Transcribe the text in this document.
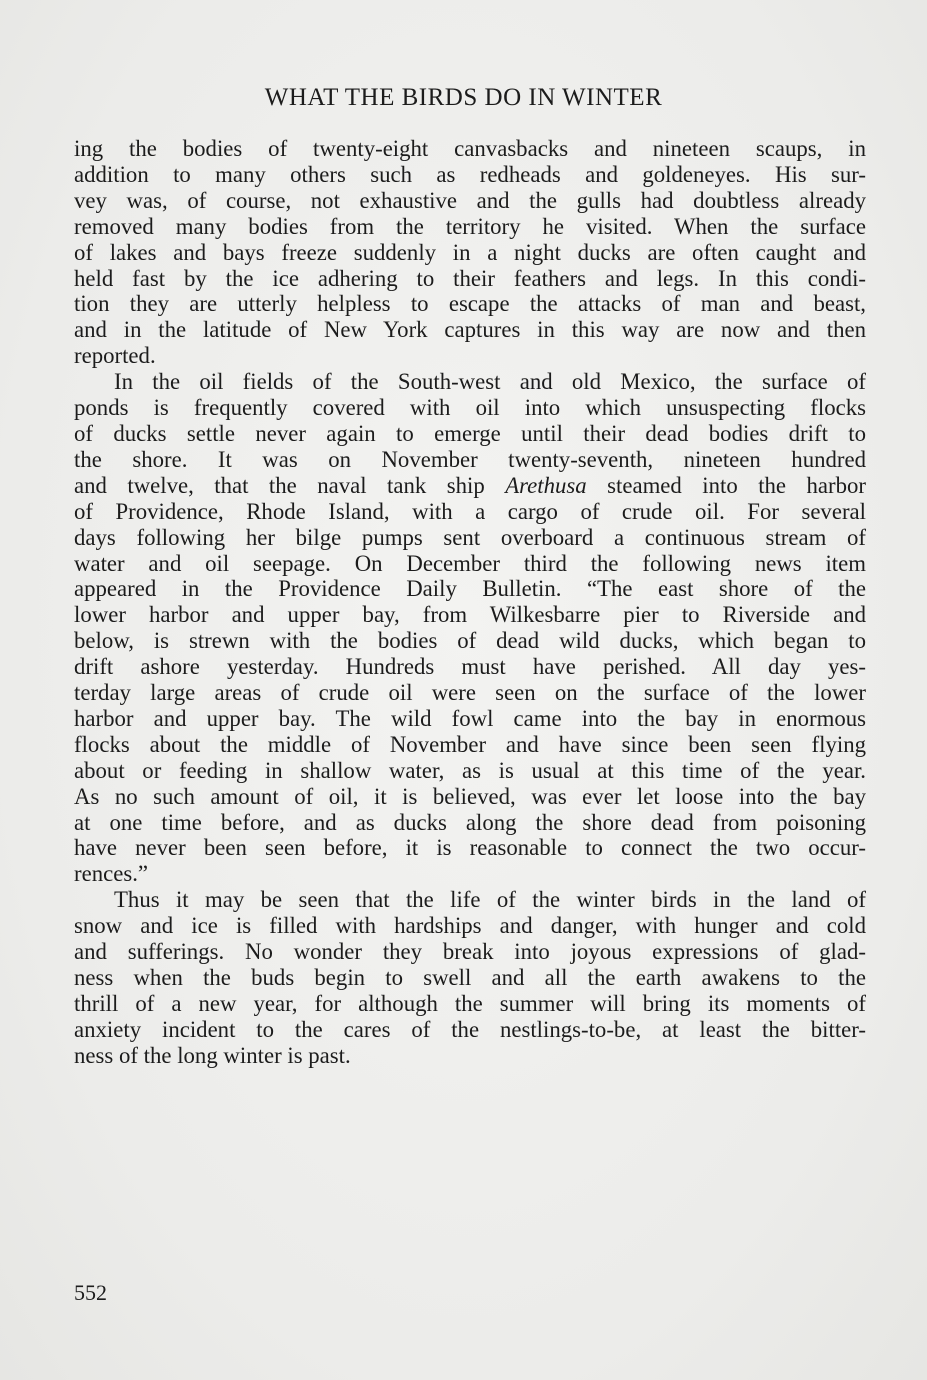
WHAT THE BIRDS DO IN WINTER
ing the bodies of twenty-eight canvasbacks and nineteen scaups, in
addition to many others such as redheads and goldeneyes. His sur-
vey was, of course, not exhaustive and the gulls had doubtless already
removed many bodies from the territory he visited. When the surface
of lakes and bays freeze suddenly in a night ducks are often caught and
held fast by the ice adhering to their feathers and legs. In this condi-
tion they are utterly helpless to escape the attacks of man and beast,
and in the latitude of New York captures in this way are now and then
reported.
In the oil fields of the South-west and old Mexico, the surface of
ponds is frequently covered with oil into which unsuspecting flocks
of ducks settle never again to emerge until their dead bodies drift to
the shore. It was on November twenty-seventh, nineteen hundred
and twelve, that the naval tank ship Arethusa steamed into the harbor
of Providence, Rhode Island, with a cargo of crude oil. For several
days following her bilge pumps sent overboard a continuous stream of
water and oil seepage. On December third the following news item
appeared in the Providence Daily Bulletin. “The east shore of the
lower harbor and upper bay, from Wilkesbarre pier to Riverside and
below, is strewn with the bodies of dead wild ducks, which began to
drift ashore yesterday. Hundreds must have perished. All day yes-
terday large areas of crude oil were seen on the surface of the lower
harbor and upper bay. The wild fowl came into the bay in enormous
flocks about the middle of November and have since been seen flying
about or feeding in shallow water, as is usual at this time of the year.
As no such amount of oil, it is believed, was ever let loose into the bay
at one time before, and as ducks along the shore dead from poisoning
have never been seen before, it is reasonable to connect the two occur-
rences.”
Thus it may be seen that the life of the winter birds in the land of
snow and ice is filled with hardships and danger, with hunger and cold
and sufferings. No wonder they break into joyous expressions of glad-
ness when the buds begin to swell and all the earth awakens to the
thrill of a new year, for although the summer will bring its moments of
anxiety incident to the cares of the nestlings-to-be, at least the bitter-
ness of the long winter is past.
552
